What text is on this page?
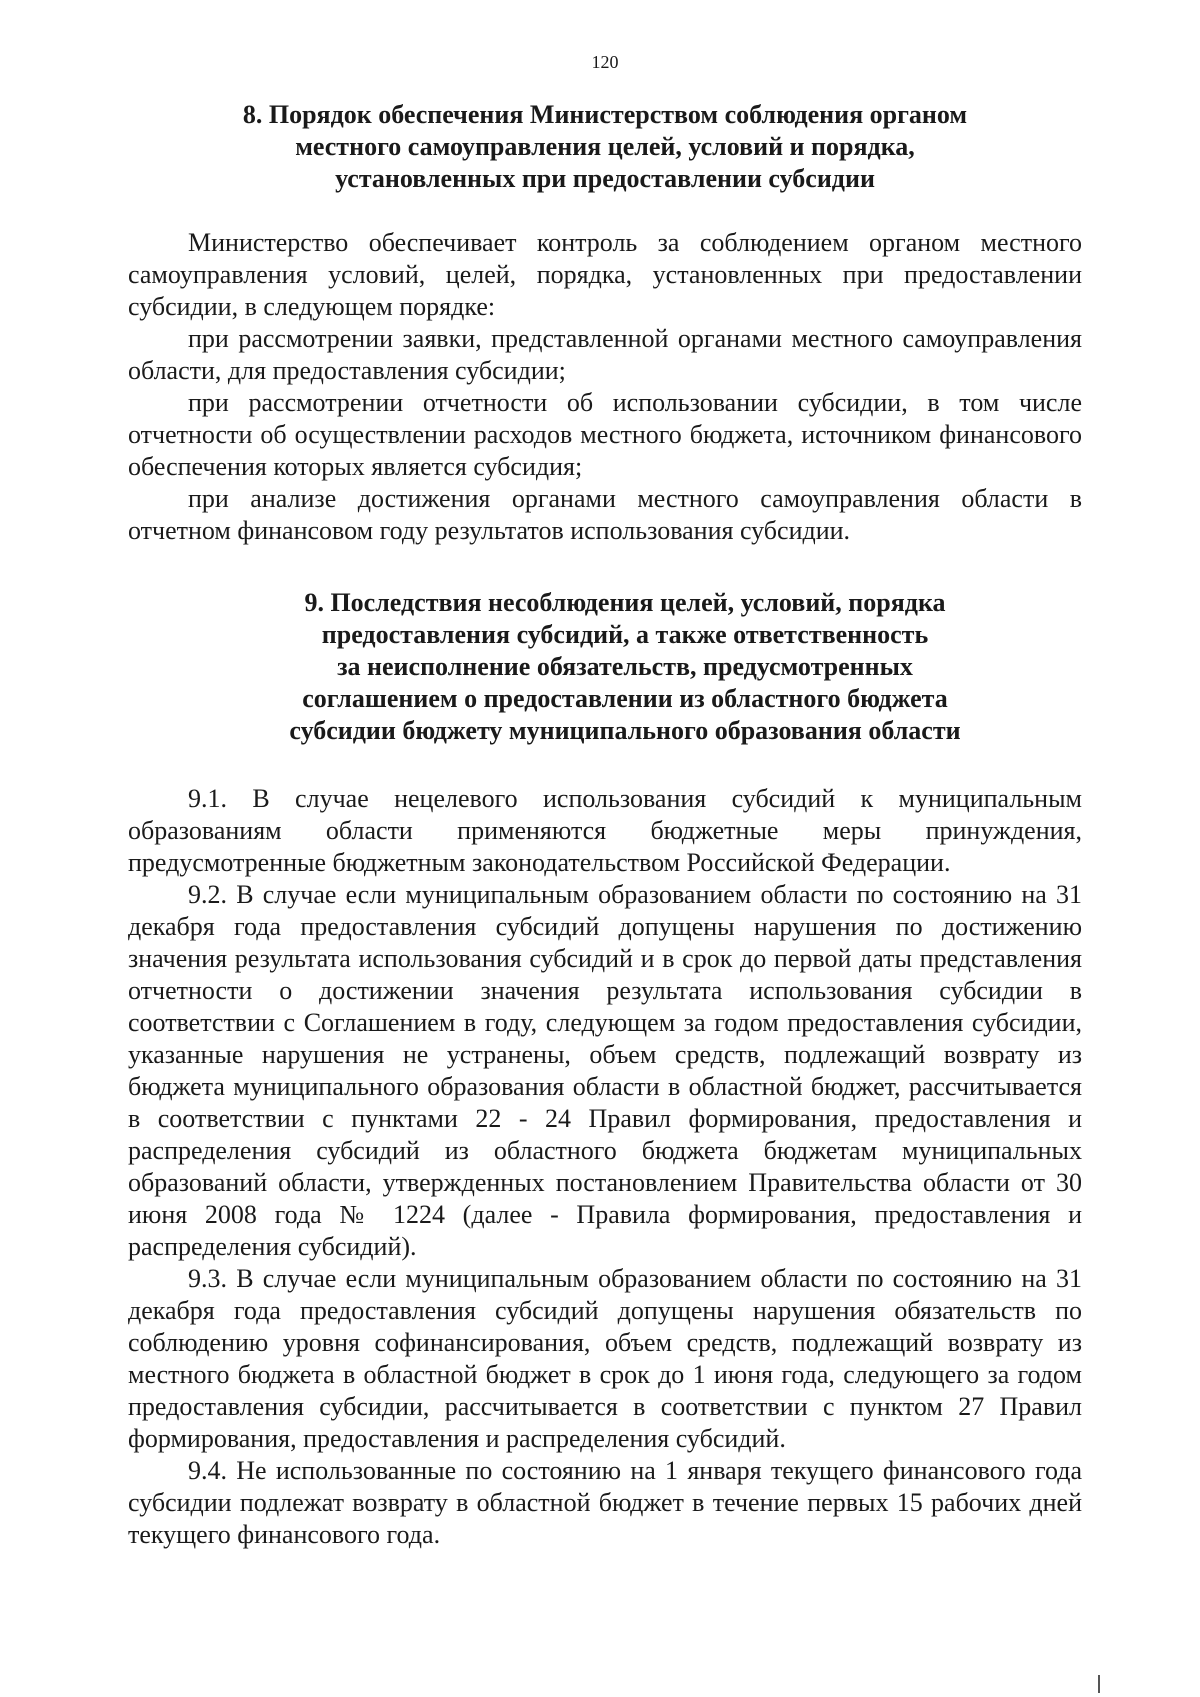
120
8. Порядок обеспечения Министерством соблюдения органом
местного самоуправления целей, условий и порядка,
установленных при предоставлении субсидии

Министерство обеспечивает контроль за соблюдением органом местного самоуправления условий, целей, порядка, установленных при предоставлении субсидии, в следующем порядке:

при рассмотрении заявки, представленной органами местного самоуправления области, для предоставления субсидии;

при рассмотрении отчетности об использовании субсидии, в том числе отчетности об осуществлении расходов местного бюджета, источником финансового обеспечения которых является субсидия;

при анализе достижения органами местного самоуправления области в отчетном финансовом году результатов использования субсидии.

9. Последствия несоблюдения целей, условий, порядка
предоставления субсидий, а также ответственность
за неисполнение обязательств, предусмотренных
соглашением о предоставлении из областного бюджета
субсидии бюджету муниципального образования области

9.1. В случае нецелевого использования субсидий к муниципальным образованиям области применяются бюджетные меры принуждения, предусмотренные бюджетным законодательством Российской Федерации.

9.2. В случае если муниципальным образованием области по состоянию на 31 декабря года предоставления субсидий допущены нарушения по достижению значения результата использования субсидий и в срок до первой даты представления отчетности о достижении значения результата использования субсидии в соответствии с Соглашением в году, следующем за годом предоставления субсидии, указанные нарушения не устранены, объем средств, подлежащий возврату из бюджета муниципального образования области в областной бюджет, рассчитывается в соответствии с пунктами 22 - 24 Правил формирования, предоставления и распределения субсидий из областного бюджета бюджетам муниципальных образований области, утвержденных постановлением Правительства области от 30 июня 2008 года № 1224 (далее - Правила формирования, предоставления и распределения субсидий).

9.3. В случае если муниципальным образованием области по состоянию на 31 декабря года предоставления субсидий допущены нарушения обязательств по соблюдению уровня софинансирования, объем средств, подлежащий возврату из местного бюджета в областной бюджет в срок до 1 июня года, следующего за годом предоставления субсидии, рассчитывается в соответствии с пунктом 27 Правил формирования, предоставления и распределения субсидий.

9.4. Не использованные по состоянию на 1 января текущего финансового года субсидии подлежат возврату в областной бюджет в течение первых 15 рабочих дней текущего финансового года.
